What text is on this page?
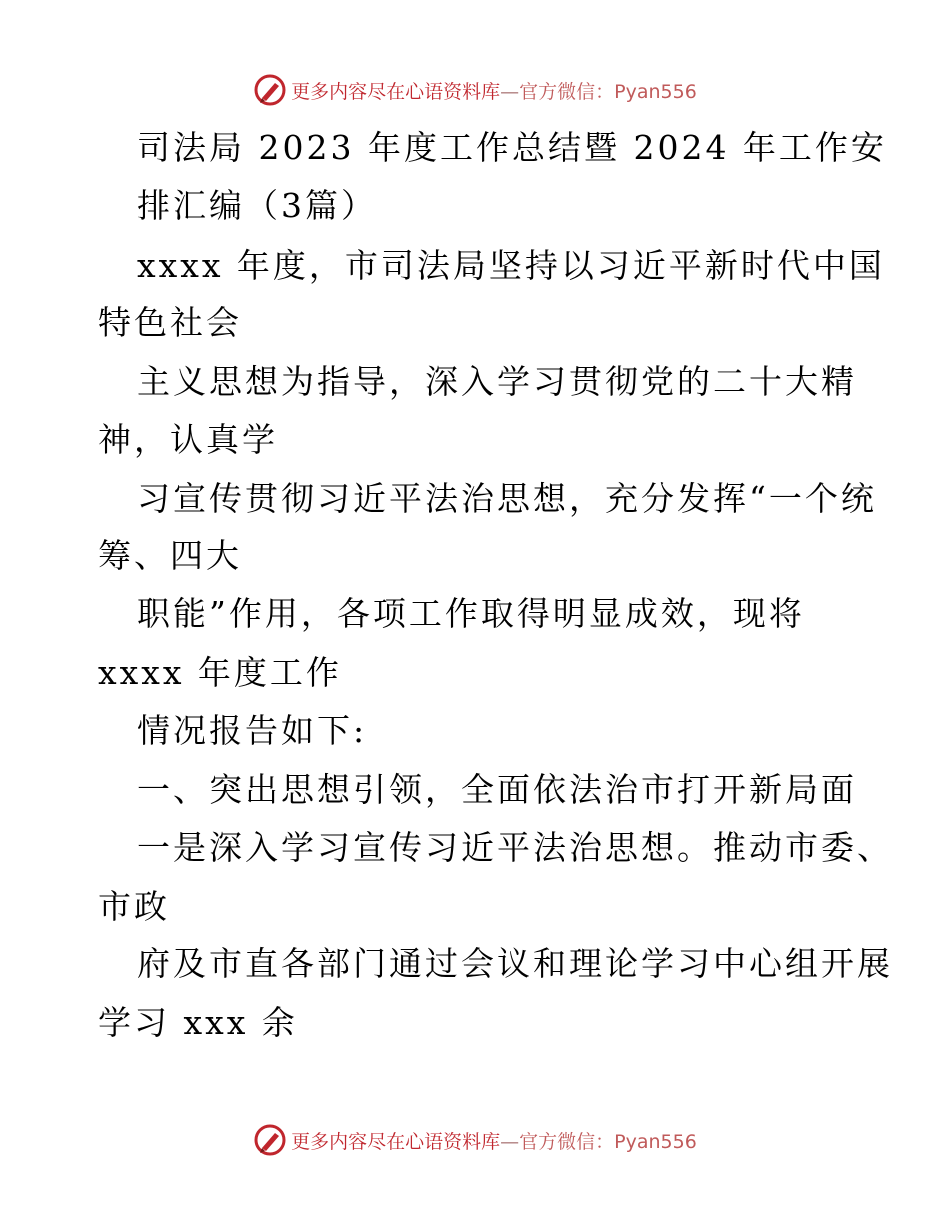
更多内容尽在心语资料库—官方微信：Pyan556
司法局 2023 年度工作总结暨 2024 年工作安
排汇编（3篇）
xxxx 年度，市司法局坚持以习近平新时代中国
特色社会
主义思想为指导，深入学习贯彻党的二十大精
神，认真学
习宣传贯彻习近平法治思想，充分发挥“一个统
筹、四大
职能”作用，各项工作取得明显成效，现将
xxxx 年度工作
情况报告如下:
一、突出思想引领，全面依法治市打开新局面
一是深入学习宣传习近平法治思想。推动市委、
市政
府及市直各部门通过会议和理论学习中心组开展
学习 xxx 余
更多内容尽在心语资料库—官方微信：Pyan556
